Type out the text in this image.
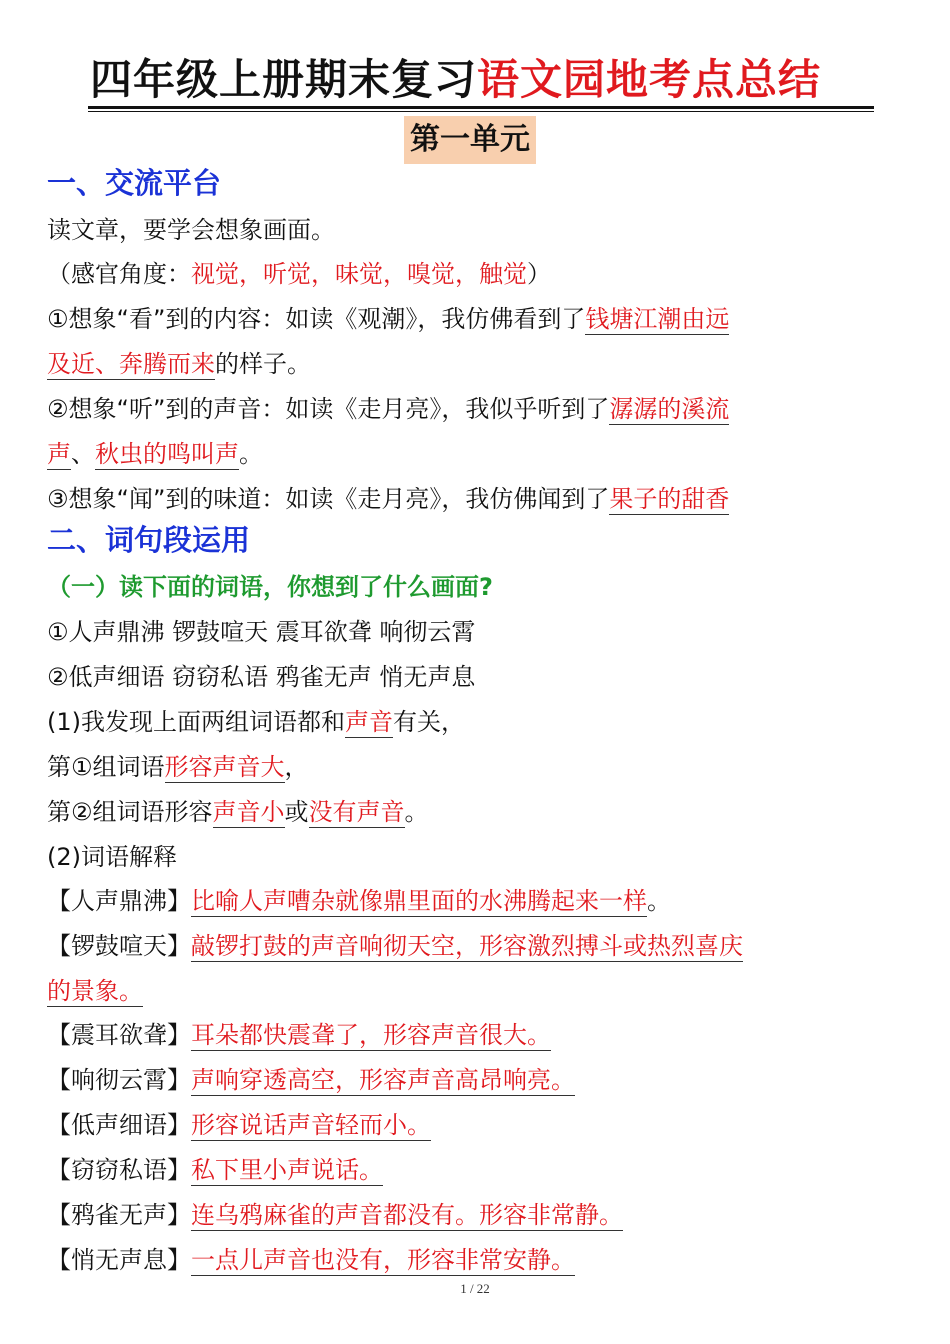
四年级上册期末复习语文园地考点总结
第一单元
一、交流平台
读文章，要学会想象画面。
（感官角度：视觉，听觉，味觉，嗅觉，触觉）
①想象“看”到的内容：如读《观潮》，我仿佛看到了钱塘江潮由远
及近、奔腾而来的样子。
②想象“听”到的声音：如读《走月亮》，我似乎听到了潺潺的溪流
声、秋虫的鸣叫声。
③想象“闻”到的味道：如读《走月亮》，我仿佛闻到了果子的甜香
二、词句段运用
（一）读下面的词语，你想到了什么画面?
①人声鼎沸 锣鼓喧天 震耳欲聋 响彻云霄
②低声细语 窃窃私语 鸦雀无声 悄无声息
(1)我发现上面两组词语都和声音有关，
第①组词语形容声音大，
第②组词语形容声音小或没有声音。
(2)词语解释
【人声鼎沸】比喻人声嘈杂就像鼎里面的水沸腾起来一样。
【锣鼓喧天】敲锣打鼓的声音响彻天空，形容激烈搏斗或热烈喜庆
的景象。
【震耳欲聋】耳朵都快震聋了，形容声音很大。
【响彻云霄】声响穿透高空，形容声音高昂响亮。
【低声细语】形容说话声音轻而小。
【窃窃私语】私下里小声说话。
【鸦雀无声】连乌鸦麻雀的声音都没有。形容非常静。
【悄无声息】一点儿声音也没有，形容非常安静。
1 / 22
